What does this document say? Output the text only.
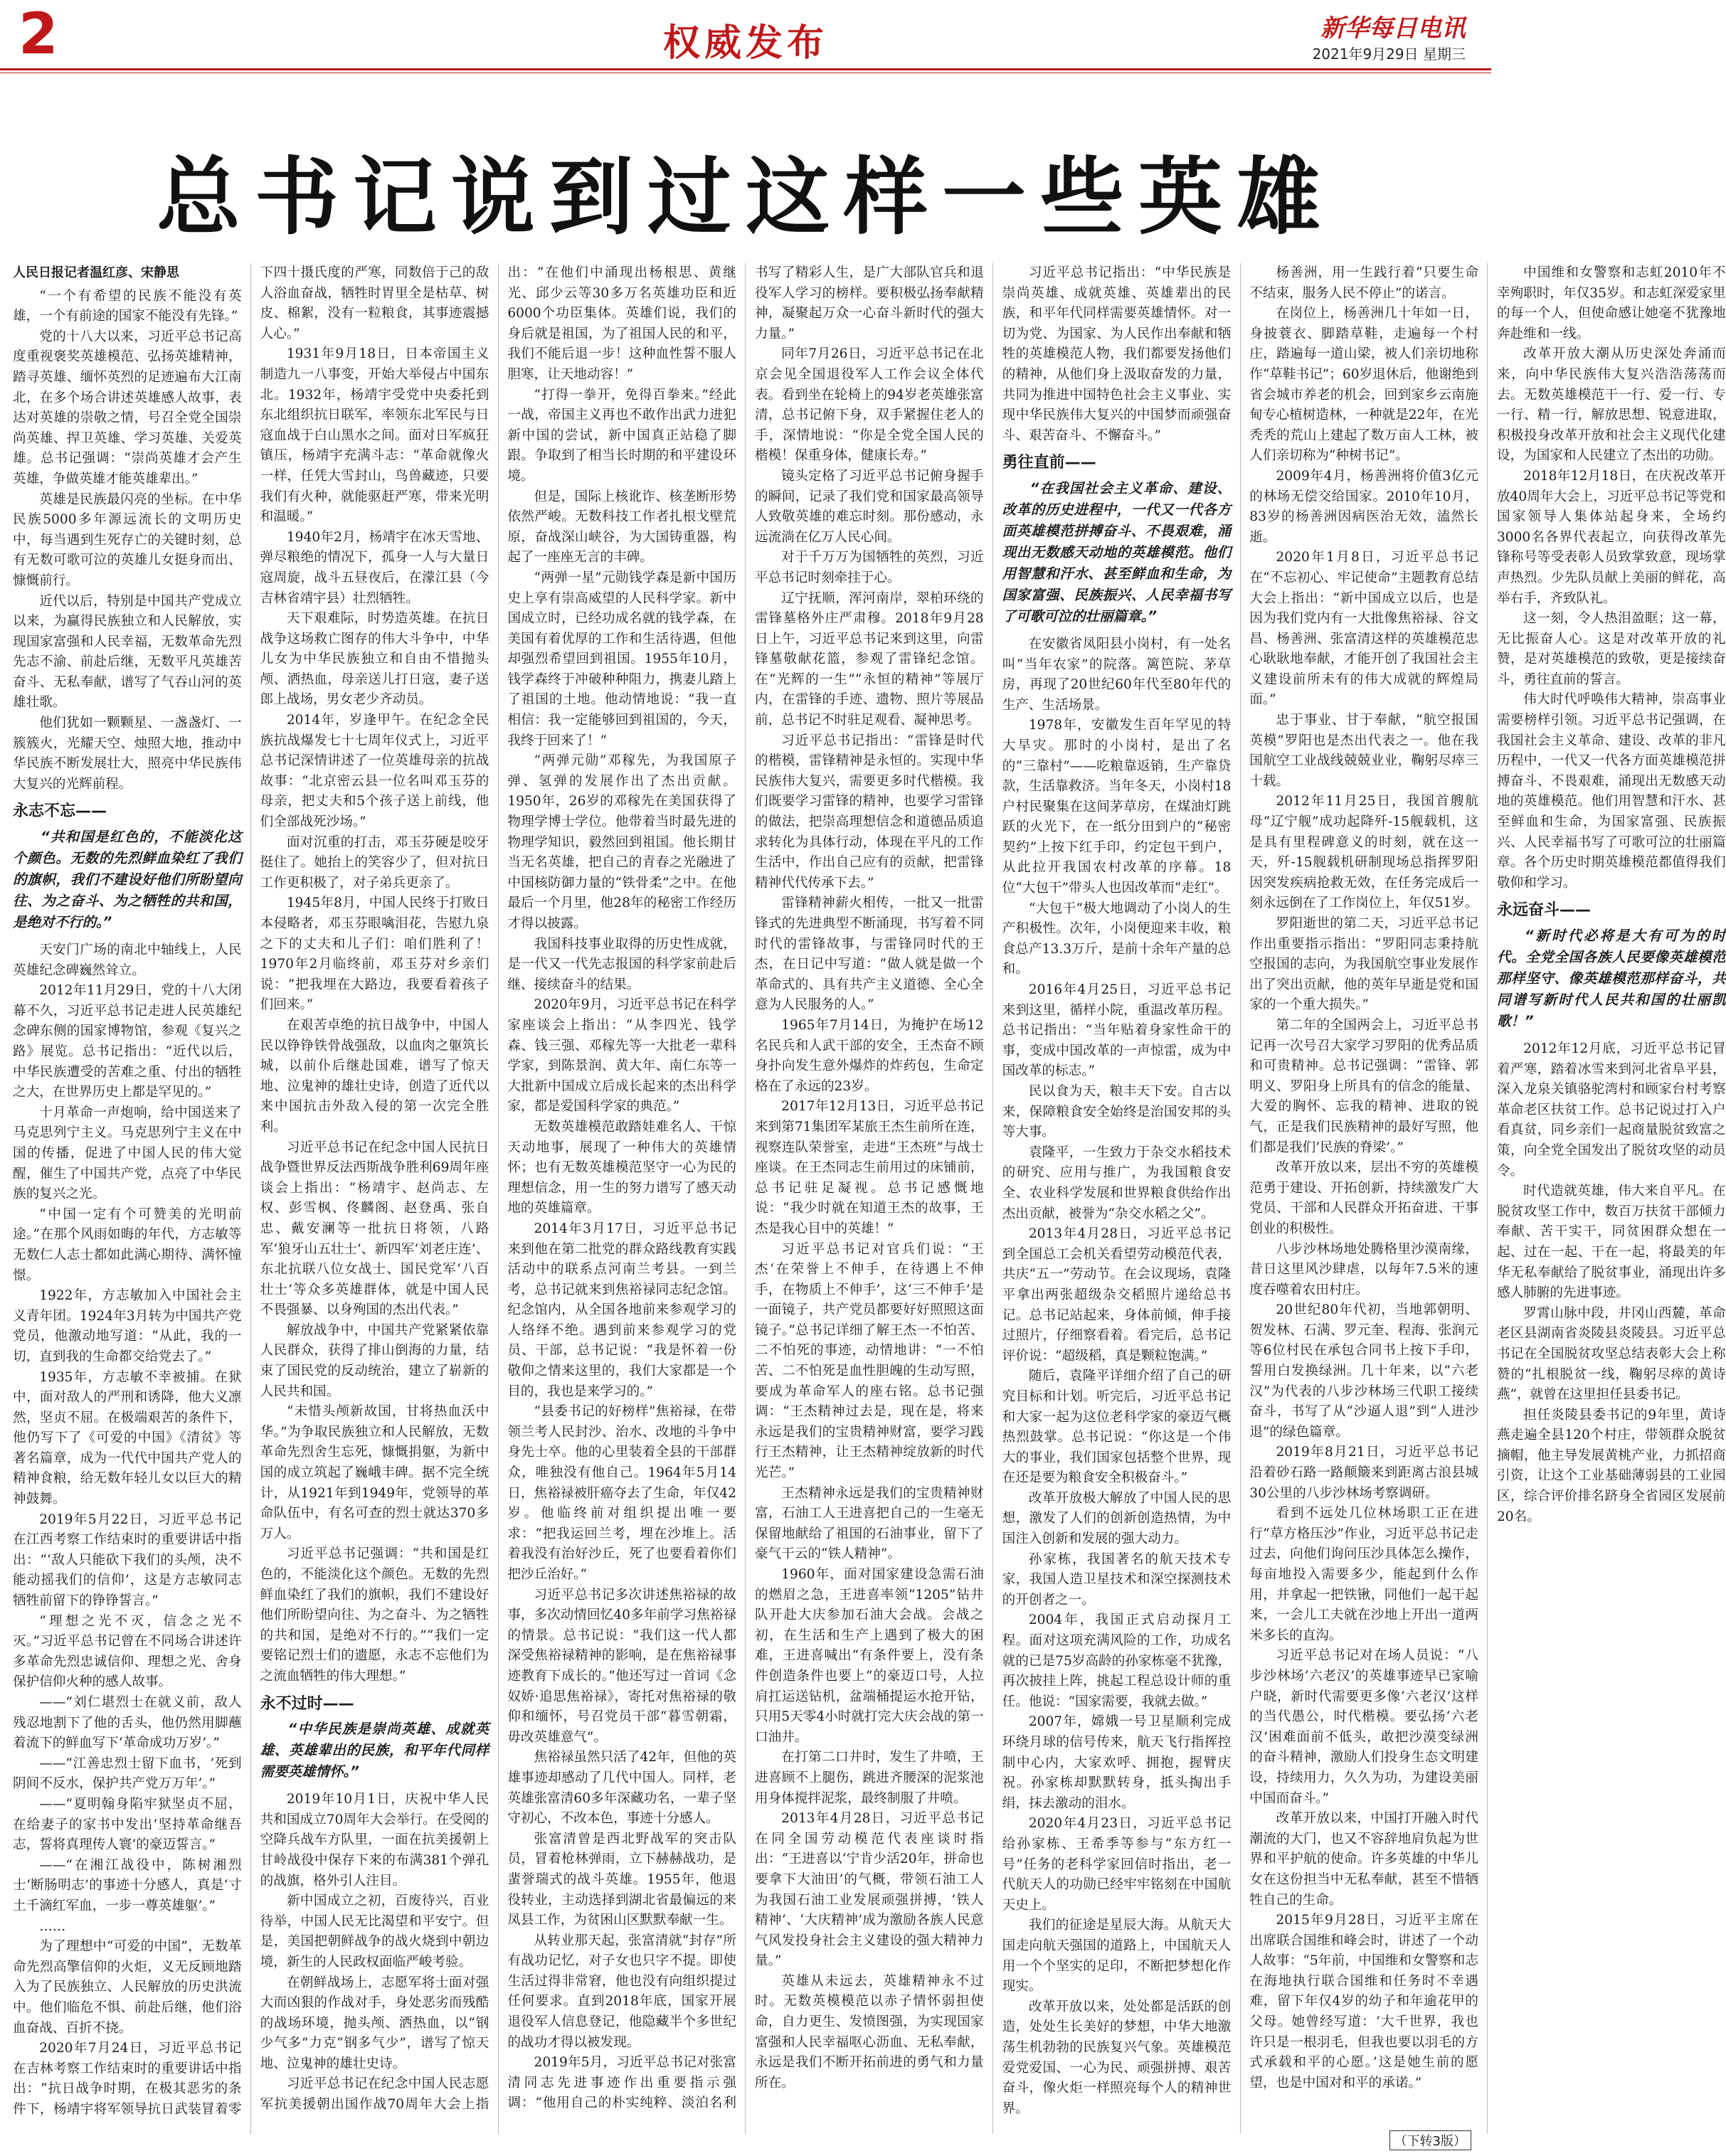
2	权威发布	新华每日电讯
2021年9月29日 星期三
总书记说到过这样一些英雄
人民日报记者温红彦、宋静思

“一个有希望的民族不能没有英雄，一个有前途的国家不能没有先锋。”

党的十八大以来，习近平总书记高度重视褒奖英雄模范、弘扬英雄精神，踏寻英雄、缅怀英烈的足迹遍布大江南北，在多个场合讲述英雄感人故事，表达对英雄的崇敬之情，号召全党全国崇尚英雄、捍卫英雄、学习英雄、关爱英雄。总书记强调：“崇尚英雄才会产生英雄，争做英雄才能英雄辈出。”

英雄是民族最闪亮的坐标。在中华民族5000多年源远流长的文明历史中，每当遇到生死存亡的关键时刻，总有无数可歌可泣的英雄儿女挺身而出、慷慨前行。

近代以后，特别是中国共产党成立以来，为赢得民族独立和人民解放，实现国家富强和人民幸福，无数革命先烈先志不渝、前赴后继，无数平凡英雄苦奋斗、无私奉献，谱写了气吞山河的英雄壮歌。

他们犹如一颗颗星、一盏盏灯、一簇簇火，光耀天空、烛照大地，推动中华民族不断发展壮大，照亮中华民族伟大复兴的光辉前程。

永志不忘——
“共和国是红色的，不能淡化这个颜色。无数的先烈鲜血染红了我们的旗帜，我们不建设好他们所盼望向往、为之奋斗、为之牺牲的共和国，是绝对不行的。”

天安门广场的南北中轴线上，人民英雄纪念碑巍然耸立。

2012年11月29日，党的十八大闭幕不久，习近平总书记走进人民英雄纪念碑东侧的国家博物馆，参观《复兴之路》展览。总书记指出：“近代以后，中华民族遭受的苦难之重、付出的牺牲之大，在世界历史上都是罕见的。”

十月革命一声炮响，给中国送来了马克思列宁主义。马克思列宁主义在中国的传播，促进了中国人民的伟大觉醒，催生了中国共产党，点亮了中华民族的复兴之光。

“中国一定有个可赞美的光明前途。”在那个风雨如晦的年代，方志敏等无数仁人志士都如此满心期待、满怀憧憬。

1922年，方志敏加入中国社会主义青年团。1924年3月转为中国共产党党员，他激动地写道：“从此，我的一切，直到我的生命都交给党去了。”

1935年，方志敏不幸被捕。在狱中，面对敌人的严刑和诱降，他大义凛然，坚贞不屈。在极端艰苦的条件下，他仍写下了《可爱的中国》《清贫》等著名篇章，成为一代代中国共产党人的精神食粮，给无数年轻儿女以巨大的精神鼓舞。

2019年5月22日，习近平总书记在江西考察工作结束时的重要讲话中指出：“‘敌人只能砍下我们的头颅，决不能动摇我们的信仰’，这是方志敏同志牺牲前留下的铮铮誓言。”

“理想之光不灭，信念之光不灭。”习近平总书记曾在不同场合讲述许多革命先烈忠诚信仰、理想之光、舍身保护信仰火种的感人故事。

——“刘仁堪烈士在就义前，敌人残忍地割下了他的舌头，他仍然用脚蘸着流下的鲜血写下‘革命成功万岁’。”

——“江善忠烈士留下血书，‘死到阴间不反水，保护共产党万万年’。”

——“夏明翰身陷牢狱坚贞不屈，在给妻子的家书中发出‘坚持革命继吾志，誓将真理传人寰’的豪迈誓言。”

——“在湘江战役中，陈树湘烈士‘断肠明志’的事迹十分感人，真是‘寸土千滴红军血，一步一尊英雄躯’。”

……

为了理想中“可爱的中国”，无数革命先烈高擎信仰的火炬，义无反顾地踏入为了民族独立、人民解放的历史洪流中。他们临危不惧、前赴后继，他们浴血奋战、百折不挠。

2020年7月24日，习近平总书记在吉林考察工作结束时的重要讲话中指出：“抗日战争时期，在极其恶劣的条件下，杨靖宇将军领导抗日武装冒着零下四十摄氏度的严寒，同数倍于己的敌人浴血奋战，牺牲时胃里全是枯草、树皮、棉絮，没有一粒粮食，其事迹震撼人心。”

1931年9月18日，日本帝国主义制造九一八事变，开始大举侵占中国东北。1932年，杨靖宇受党中央委托到东北组织抗日联军，率领东北军民与日寇血战于白山黑水之间。面对日军疯狂镇压，杨靖宇充满斗志：“革命就像火一样，任凭大雪封山，鸟兽藏迹，只要我们有火种，就能驱赶严寒，带来光明和温暖。”

1940年2月，杨靖宇在冰天雪地、弹尽粮绝的情况下，孤身一人与大量日寇周旋，战斗五昼夜后，在濛江县（今吉林省靖宇县）壮烈牺牲。

天下艰难际，时势造英雄。在抗日战争这场救亡图存的伟大斗争中，中华儿女为中华民族独立和自由不惜抛头颅、洒热血，母亲送儿打日寇，妻子送郎上战场，男女老少齐动员。

2014年，岁逢甲午。在纪念全民族抗战爆发七十七周年仪式上，习近平总书记深情讲述了一位英雄母亲的抗战故事：“北京密云县一位名叫邓玉芬的母亲，把丈夫和5个孩子送上前线，他们全部战死沙场。”

面对沉重的打击，邓玉芬硬是咬牙挺住了。她抬上的笑容少了，但对抗日工作更积极了，对子弟兵更亲了。

1945年8月，中国人民终于打败日本侵略者，邓玉芬眼噙泪花，告慰九泉之下的丈夫和儿子们：咱们胜利了！1970年2月临终前，邓玉芬对乡亲们说：“把我埋在大路边，我要看着孩子们回来。”

在艰苦卓绝的抗日战争中，中国人民以铮铮铁骨战强敌，以血肉之躯筑长城，以前仆后继赴国难，谱写了惊天地、泣鬼神的雄壮史诗，创造了近代以来中国抗击外敌入侵的第一次完全胜利。

习近平总书记在纪念中国人民抗日战争暨世界反法西斯战争胜利69周年座谈会上指出：“杨靖宇、赵尚志、左权、彭雪枫、佟麟阁、赵登禹、张自忠、戴安澜等一批抗日将领，八路军‘狼牙山五壮士’、新四军‘刘老庄连’、东北抗联八位女战士、国民党军‘八百壮士’等众多英雄群体，就是中国人民不畏强暴、以身殉国的杰出代表。”

解放战争中，中国共产党紧紧依靠人民群众，获得了排山倒海的力量，结束了国民党的反动统治，建立了崭新的人民共和国。

“未惜头颅新故国，甘将热血沃中华。”为争取民族独立和人民解放，无数革命先烈舍生忘死，慷慨捐躯，为新中国的成立筑起了巍峨丰碑。据不完全统计，从1921年到1949年，党领导的革命队伍中，有名可查的烈士就达370多万人。

习近平总书记强调：“共和国是红色的，不能淡化这个颜色。无数的先烈鲜血染红了我们的旗帜，我们不建设好他们所盼望向往、为之奋斗、为之牺牲的共和国，是绝对不行的。”“我们一定要铭记烈士们的遗愿，永志不忘他们为之流血牺牲的伟大理想。”

永不过时——
“中华民族是崇尚英雄、成就英雄、英雄辈出的民族，和平年代同样需要英雄情怀。”

2019年10月1日，庆祝中华人民共和国成立70周年大会举行。在受阅的空降兵战车方队里，一面在抗美援朝上甘岭战役中保存下来的布满381个弹孔的战旗，格外引人注目。

新中国成立之初，百废待兴，百业待举，中国人民无比渴望和平安宁。但是，美国把朝鲜战争的战火烧到中朝边境，新生的人民政权面临严峻考验。

在朝鲜战场上，志愿军将士面对强大而凶狠的作战对手，身处恶劣而残酷的战场环境，抛头颅、洒热血，以“钢少气多”力克“钢多气少”，谱写了惊天地、泣鬼神的雄壮史诗。

习近平总书记在纪念中国人民志愿军抗美援朝出国作战70周年大会上指出：“在他们中涌现出杨根思、黄继光、邱少云等30多万名英雄功臣和近6000个功臣集体。英雄们说，我们的身后就是祖国，为了祖国人民的和平，我们不能后退一步！这种血性誓不服人胆寒，让天地动容！”

“打得一拳开，免得百拳来。”经此一战，帝国主义再也不敢作出武力进犯新中国的尝试，新中国真正站稳了脚跟。争取到了相当长时期的和平建设环境。

但是，国际上核讹诈、核垄断形势依然严峻。无数科技工作者扎根戈壁荒原，奋战深山峡谷，为大国铸重器，构起了一座座无言的丰碑。

“两弹一星”元勋钱学森是新中国历史上享有崇高威望的人民科学家。新中国成立时，已经功成名就的钱学森，在美国有着优厚的工作和生活待遇，但他却强烈希望回到祖国。1955年10月，钱学森终于冲破种种阻力，携妻儿踏上了祖国的土地。他动情地说：“我一直相信：我一定能够回到祖国的，今天，我终于回来了！”

“两弹元勋”邓稼先，为我国原子弹、氢弹的发展作出了杰出贡献。1950年，26岁的邓稼先在美国获得了物理学博士学位。他带着当时最先进的物理学知识，毅然回到祖国。他长期甘当无名英雄，把自己的青春之光融进了中国核防御力量的“铁骨柔”之中。在他最后一个月里，他28年的秘密工作经历才得以披露。

我国科技事业取得的历史性成就，是一代又一代先志报国的科学家前赴后继、接续奋斗的结果。

2020年9月，习近平总书记在科学家座谈会上指出：“从李四光、钱学森、钱三强、邓稼先等一大批老一辈科学家，到陈景润、黄大年、南仁东等一大批新中国成立后成长起来的杰出科学家，都是爱国科学家的典范。”

无数英雄模范敢踏娃难名人、干惊天动地事，展现了一种伟大的英雄情怀；也有无数英雄模范坚守一心为民的理想信念，用一生的努力谱写了感天动地的英雄篇章。

2014年3月17日，习近平总书记来到他在第二批党的群众路线教育实践活动中的联系点河南兰考县。一到兰考，总书记就来到焦裕禄同志纪念馆。纪念馆内，从全国各地前来参观学习的人络绎不绝。遇到前来参观学习的党员、干部，总书记说：“我是怀着一份敬仰之情来这里的，我们大家都是一个目的，我也是来学习的。”

“县委书记的好榜样”焦裕禄，在带领兰考人民封沙、治水、改地的斗争中身先士卒。他的心里装着全县的干部群众，唯独没有他自己。1964年5月14日，焦裕禄被肝癌夺去了生命，年仅42岁。他临终前对组织提出唯一要求：“把我运回兰考，埋在沙堆上。活着我没有治好沙丘，死了也要看着你们把沙丘治好。”

习近平总书记多次讲述焦裕禄的故事，多次动情回忆40多年前学习焦裕禄的情景。总书记说：“我们这一代人都深受焦裕禄精神的影响，是在焦裕禄事迹教育下成长的。”他还写过一首词《念奴娇·追思焦裕禄》，寄托对焦裕禄的敬仰和缅怀，号召党员干部“暮雪朝霜，毋改英雄意气”。

焦裕禄虽然只活了42年，但他的英雄事迹却感动了几代中国人。同样，老英雄张富清60多年深藏功名，一辈子坚守初心，不改本色，事迹十分感人。

张富清曾是西北野战军的突击队员，冒着枪林弹雨，立下赫赫战功，是蜚誉瑞式的战斗英雄。1955年，他退役转业，主动选择到湖北省最偏远的来凤县工作，为贫困山区默默奉献一生。

从转业那天起，张富清就“封存”所有战功记忆，对子女也只字不提。即使生活过得非常窘，他也没有向组织提过任何要求。直到2018年底，国家开展退役军人信息登记，他隐藏半个多世纪的战功才得以被发现。

2019年5月，习近平总书记对张富清同志先进事迹作出重要指示强调：“他用自己的朴实纯粹、淡泊名利书写了精彩人生，是广大部队官兵和退役军人学习的榜样。要积极弘扬奉献精神，凝聚起万众一心奋斗新时代的强大力量。”

同年7月26日，习近平总书记在北京会见全国退役军人工作会议全体代表。看到坐在轮椅上的94岁老英雄张富清，总书记俯下身，双手紧握住老人的手，深情地说：“你是全党全国人民的楷模！保重身体，健康长寿。”

镜头定格了习近平总书记俯身握手的瞬间，记录了我们党和国家最高领导人致敬英雄的难忘时刻。那份感动，永远流淌在亿万人民心间。

对于千万万为国牺牲的英烈，习近平总书记时刻牵挂于心。

辽宁抚顺，浑河南岸，翠柏环绕的雷锋墓格外庄严肃穆。2018年9月28日上午，习近平总书记来到这里，向雷锋墓敬献花篮，参观了雷锋纪念馆。在“光辉的一生”“永恒的精神”等展厅内，在雷锋的手迹、遗物、照片等展品前，总书记不时驻足观看、凝神思考。

习近平总书记指出：“雷锋是时代的楷模，雷锋精神是永恒的。实现中华民族伟大复兴，需要更多时代楷模。我们既要学习雷锋的精神，也要学习雷锋的做法，把崇高理想信念和道德品质追求转化为具体行动，体现在平凡的工作生活中，作出自己应有的贡献，把雷锋精神代代传承下去。”

雷锋精神薪火相传，一批又一批雷锋式的先进典型不断涌现，书写着不同时代的雷锋故事，与雷锋同时代的王杰，在日记中写道：“做人就是做一个革命式的、具有共产主义道德、全心全意为人民服务的人。”

1965年7月14日，为掩护在场12名民兵和人武干部的安全，王杰奋不顾身扑向发生意外爆炸的炸药包，生命定格在了永远的23岁。

2017年12月13日，习近平总书记来到第71集团军某旅王杰生前所在连，视察连队荣誉室，走进“王杰班”与战士座谈。在王杰同志生前用过的床铺前，总书记驻足凝视。总书记感慨地说：“我少时就在知道王杰的故事，王杰是我心目中的英雄！”

习近平总书记对官兵们说：“王杰‘在荣誉上不伸手，在待遇上不伸手，在物质上不伸手’，这‘三不伸手’是一面镜子，共产党员都要好好照照这面镜子。”总书记详细了解王杰一不怕苦、二不怕死的事迹，动情地讲：“一不怕苦、二不怕死是血性胆魄的生动写照，要成为革命军人的座右铭。总书记强调：“王杰精神过去是，现在是，将来永远是我们的宝贵精神财富，要学习践行王杰精神，让王杰精神绽放新的时代光芒。”

王杰精神永远是我们的宝贵精神财富，石油工人王进喜把自己的一生毫无保留地献给了祖国的石油事业，留下了豪气干云的“铁人精神”。

1960年，面对国家建设急需石油的燃眉之急，王进喜率领“1205”钻井队开赴大庆参加石油大会战。会战之初，在生活和生产上遇到了极大的困难，王进喜喊出“有条件要上，没有条件创造条件也要上”的豪迈口号，人拉肩扛运送钻机，盆端桶提运水抢开钻，只用5天零4小时就打完大庆会战的第一口油井。

在打第二口井时，发生了井喷，王进喜顾不上腿伤，跳进齐腰深的泥浆池用身体搅拌泥浆，最终制服了井喷。

2013年4月28日，习近平总书记在同全国劳动模范代表座谈时指出：“王进喜以‘宁肯少活20年，拼命也要拿下大油田’的气概，带领石油工人为我国石油工业发展顽强拼搏，‘铁人精神’、‘大庆精神’成为激励各族人民意气风发投身社会主义建设的强大精神力量。”

英雄从未远去，英雄精神永不过时。无数英模模范以赤子情怀弱担使命，自力更生、发愤图强，为实现国家富强和人民幸福呕心沥血、无私奉献，永远是我们不断开拓前进的勇气和力量所在。

习近平总书记指出：“中华民族是崇尚英雄、成就英雄、英雄辈出的民族，和平年代同样需要英雄情怀。对一切为党、为国家、为人民作出奉献和牺牲的英雄模范人物，我们都要发扬他们的精神，从他们身上汲取奋发的力量，共同为推进中国特色社会主义事业、实现中华民族伟大复兴的中国梦而顽强奋斗、艰苦奋斗、不懈奋斗。”

勇往直前——
“在我国社会主义革命、建设、改革的历史进程中，一代又一代各方面英雄模范拼搏奋斗、不畏艰难，涌现出无数感天动地的英雄模范。他们用智慧和汗水、甚至鲜血和生命，为国家富强、民族振兴、人民幸福书写了可歌可泣的壮丽篇章。”

在安徽省凤阳县小岗村，有一处名叫“当年农家”的院落。篱笆院、茅草房，再现了20世纪60年代至80年代的生产、生活场景。

1978年，安徽发生百年罕见的特大旱灾。那时的小岗村，是出了名的“三靠村”——吃粮靠返销，生产靠贷款，生活靠救济。当年冬天，小岗村18户村民聚集在这间茅草房，在煤油灯跳跃的火光下，在一纸分田到户的“秘密契约”上按下红手印，约定包干到户，从此拉开我国农村改革的序幕。18位“大包干”带头人也因改革而“走红”。

“大包干”极大地调动了小岗人的生产积极性。次年，小岗便迎来丰收，粮食总产13.3万斤，是前十余年产量的总和。

2016年4月25日，习近平总书记来到这里，循样小院，重温改革历程。总书记指出：“当年贴着身家性命干的事，变成中国改革的一声惊雷，成为中国改革的标志。”

民以食为天，粮丰天下安。自古以来，保障粮食安全始终是治国安邦的头等大事。

袁隆平，一生致力于杂交水稻技术的研究、应用与推广，为我国粮食安全、农业科学发展和世界粮食供给作出杰出贡献，被誉为“杂交水稻之父”。

2013年4月28日，习近平总书记到全国总工会机关看望劳动模范代表，共庆“五一”劳动节。在会议现场，袁隆平拿出两张超级杂交稻照片递给总书记。总书记站起来，身体前倾，伸手接过照片，仔细察看着。看完后，总书记评价说：“超级稻，真是颗粒饱满。”

随后，袁隆平详细介绍了自己的研究目标和计划。听完后，习近平总书记和大家一起为这位老科学家的豪迈气概热烈鼓掌。总书记说：“你这是一个伟大的事业，我们国家包括整个世界，现在还是要为粮食安全积极奋斗。”

改革开放极大解放了中国人民的思想，激发了人们的创新创造热情，为中国注入创新和发展的强大动力。

孙家栋，我国著名的航天技术专家，我国人造卫星技术和深空探测技术的开创者之一。

2004年，我国正式启动探月工程。面对这项充满风险的工作，功成名就的已是75岁高龄的孙家栋毫不犹豫，再次披挂上阵，挑起工程总设计师的重任。他说：“国家需要，我就去做。”

2007年，嫦娥一号卫星顺利完成环绕月球的信号传来，航天飞行指挥控制中心内，大家欢呼、拥抱，握臂庆祝。孙家栋却默默转身，抵头掏出手绢，抹去激动的泪水。

2020年4月23日，习近平总书记给孙家栋、王希季等参与“东方红一号”任务的老科学家回信时指出，老一代航天人的功勋已经牢牢铭刻在中国航天史上。

我们的征途是星辰大海。从航天大国走向航天强国的道路上，中国航天人用一个个坚实的足印，不断把梦想化作现实。

改革开放以来，处处都是活跃的创造，处处生长美好的梦想，中华大地激荡生机勃勃的民族复兴气象。英雄模范爱党爱国、一心为民、顽强拼搏、艰苦奋斗，像火炬一样照亮每个人的精神世界。

杨善洲，用一生践行着“只要生命不结束，服务人民不停止”的诺言。

在岗位上，杨善洲几十年如一日，身披蓑衣、脚踏草鞋，走遍每一个村庄，踏遍每一道山梁，被人们亲切地称作“草鞋书记”；60岁退休后，他谢绝到省会城市养老的机会，回到家乡云南施甸专心植树造林，一种就是22年，在光秃秃的荒山上建起了数万亩人工林，被人们亲切称为“种树书记”。

2009年4月，杨善洲将价值3亿元的林场无偿交给国家。2010年10月，83岁的杨善洲因病医治无效，溘然长逝。

2020年1月8日，习近平总书记在“不忘初心、牢记使命”主题教育总结大会上指出：“新中国成立以后，也是因为我们党内有一大批像焦裕禄、谷文昌、杨善洲、张富清这样的英雄模范忠心耿耿地奉献，才能开创了我国社会主义建设前所未有的伟大成就的辉煌局面。”

忠于事业、甘于奉献，“航空报国英模”罗阳也是杰出代表之一。他在我国航空工业战线兢兢业业，鞠躬尽瘁三十载。

2012年11月25日，我国首艘航母“辽宁舰”成功起降歼-15舰载机，这是具有里程碑意义的时刻，就在这一天，歼-15舰载机研制现场总指挥罗阳因突发疾病抢救无效，在任务完成后一刻永远倒在了工作岗位上，年仅51岁。

罗阳逝世的第二天，习近平总书记作出重要指示指出：“罗阳同志秉持航空报国的志向，为我国航空事业发展作出了突出贡献，他的英年早逝是党和国家的一个重大损失。”

第二年的全国两会上，习近平总书记再一次号召大家学习罗阳的优秀品质和可贵精神。总书记强调：“雷锋、郭明义、罗阳身上所具有的信念的能量、大爱的胸怀、忘我的精神、进取的锐气，正是我们民族精神的最好写照，他们都是我们‘民族的脊梁’。”

改革开放以来，层出不穷的英雄模范勇于建设、开拓创新，持续激发广大党员、干部和人民群众开拓奋进、干事创业的积极性。

八步沙林场地处腾格里沙漠南缘，昔日这里风沙肆虐，以每年7.5米的速度吞噬着农田村庄。

20世纪80年代初，当地郭朝明、贺发林、石满、罗元奎、程海、张润元等6位村民在承包合同书上按下手印，誓用白发换绿洲。几十年来，以“六老汉”为代表的八步沙林场三代职工接续奋斗，书写了从“沙逼人退”到“人进沙退”的绿色篇章。

2019年8月21日，习近平总书记沿着砂石路一路颠簸来到距离古浪县城30公里的八步沙林场考察调研。

看到不远处几位林场职工正在进行“草方格压沙”作业，习近平总书记走过去，向他们询问压沙具体怎么操作，每亩地投入需要多少，能起到什么作用，并拿起一把铁锹，同他们一起干起来，一会儿工夫就在沙地上开出一道两米多长的直沟。

习近平总书记对在场人员说：“八步沙林场‘六老汉’的英雄事迹早已家喻户晓，新时代需要更多像‘六老汉’这样的当代愚公，时代楷模。要弘扬‘六老汉’困难面前不低头，敢把沙漠变绿洲的奋斗精神，激励人们投身生态文明建设，持续用力，久久为功，为建设美丽中国而奋斗。”

改革开放以来，中国打开融入时代潮流的大门，也又不容辞地肩负起为世界和平护航的使命。许多英雄的中华儿女在这份担当中无私奉献，甚至不惜牺牲自己的生命。

2015年9月28日，习近平主席在出席联合国维和峰会时，讲述了一个动人故事：“5年前，中国维和女警察和志在海地执行联合国维和任务时不幸遇难，留下年仅4岁的幼子和年逾花甲的父母。她曾经写道：‘大千世界，我也许只是一根羽毛，但我也要以羽毛的方式承载和平的心愿。’这是她生前的愿望，也是中国对和平的承诺。”

中国维和女警察和志虹2010年不幸殉职时，年仅35岁。和志虹深爱家里的每一个人，但使命感让她毫不犹豫地奔赴维和一线。

改革开放大潮从历史深处奔涌而来，向中华民族伟大复兴浩浩荡荡而去。无数英雄模范干一行、爱一行、专一行、精一行，解放思想、锐意进取，积极投身改革开放和社会主义现代化建设，为国家和人民建立了杰出的功勋。

2018年12月18日，在庆祝改革开放40周年大会上，习近平总书记等党和国家领导人集体站起身来，全场约3000名各界代表起立，向获得改革先锋称号等受表彰人员致掌致意，现场掌声热烈。少先队员献上美丽的鲜花，高举右手，齐致队礼。

这一刻，令人热泪盈眶；这一幕，无比振奋人心。这是对改革开放的礼赞，是对英雄模范的致敬，更是接续奋斗，勇往直前的誓言。

伟大时代呼唤伟大精神，崇高事业需要榜样引领。习近平总书记强调，在我国社会主义革命、建设、改革的非凡历程中，一代又一代各方面英雄模范拼搏奋斗、不畏艰难，涌现出无数感天动地的英雄模范。他们用智慧和汗水、甚至鲜血和生命，为国家富强、民族振兴、人民幸福书写了可歌可泣的壮丽篇章。各个历史时期英雄模范都值得我们敬仰和学习。

永远奋斗——
“新时代必将是大有可为的时代。全党全国各族人民要像英雄模范那样坚守、像英雄模范那样奋斗，共同谱写新时代人民共和国的壮丽凯歌！”

2012年12月底，习近平总书记冒着严寒，踏着冰雪来到河北省阜平县，深入龙泉关镇骆驼湾村和顾家台村考察革命老区扶贫工作。总书记说过打入户看真贫，同乡亲们一起商量脱贫致富之策，向全党全国发出了脱贫攻坚的动员令。

时代造就英雄，伟大来自平凡。在脱贫攻坚工作中，数百万扶贫干部倾力奉献、苦干实干，同贫困群众想在一起、过在一起、干在一起，将最美的年华无私奉献给了脱贫事业，涌现出许多感人肺腑的先进事迹。

罗霄山脉中段，井冈山西麓，革命老区县湖南省炎陵县炎陵县。习近平总书记在全国脱贫攻坚总结表彰大会上称赞的“扎根脱贫一线，鞠躬尽瘁的黄诗燕”，就曾在这里担任县委书记。

担任炎陵县委书记的9年里，黄诗燕走遍全县120个村庄，带领群众脱贫摘帽，他主导发展黄桃产业，力抓招商引资，让这个工业基础薄弱县的工业园区，综合评价排名跻身全省园区发展前20名。

（下转3版）
